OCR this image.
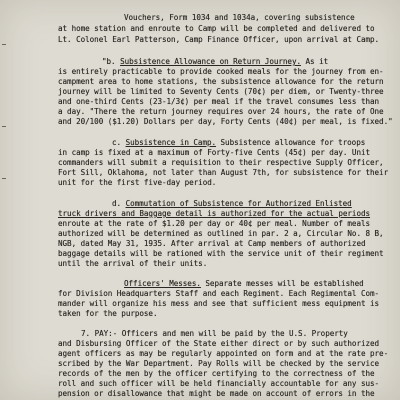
Vouchers, Form 1034 and 1034a, covering subsistence
at home station and enroute to Camp will be completed and delivered to
Lt. Colonel Earl Patterson, Camp Finance Officer, upon arrival at Camp.
"b. Subsistence Allowance on Return Journey. As it
is entirely practicable to provide cooked meals for the journey from en-
campment area to home stations, the subsistence allowance for the return
journey will be limited to Seventy Cents (70¢) per diem, or Twenty-three
and one-third Cents (23-1/3¢) per meal if the travel consumes less than
a day. "There the return journey requires over 24 hours, the rate of One
and 20/100 ($1.20) Dollars per day, Forty Cents (40¢) per meal, is fixed."
c. Subsistence in Camp. Subsistence allowance for troops
in camp is fixed at a maximum of Forty-five Cents (45¢) per day. Unit
commanders will submit a requisition to their respective Supply Officer,
Fort Sill, Oklahoma, not later than August 7th, for subsistence for their
unit for the first five-day period.
d. Commutation of Subsistence for Authorized Enlisted
truck drivers and Baggage detail is authorized for the actual periods
enroute at the rate of $1.20 per day or 40¢ per meal. Number of meals
authorized will be determined as outlined in par. 2 a, Circular No. 8 B,
NGB, dated May 31, 1935. After arrival at Camp members of authorized
baggage details will be rationed with the service unit of their regiment
until the arrival of their units.
Officers' Messes. Separate messes will be established
for Division Headquarters Staff and each Regiment. Each Regimental Com-
mander will organize his mess and see that sufficient mess equipment is
taken for the purpose.
7. PAY:- Officers and men will be paid by the U.S. Property
and Disbursing Officer of the State either direct or by such authorized
agent officers as may be regularly appointed on form and at the rate pre-
scribed by the War Department. Pay Rolls will be checked by the service
records of the men by the officer certifying to the correctness of the
roll and such officer will be held financially accountable for any sus-
pension or disallowance that might be made on account of errors in the
